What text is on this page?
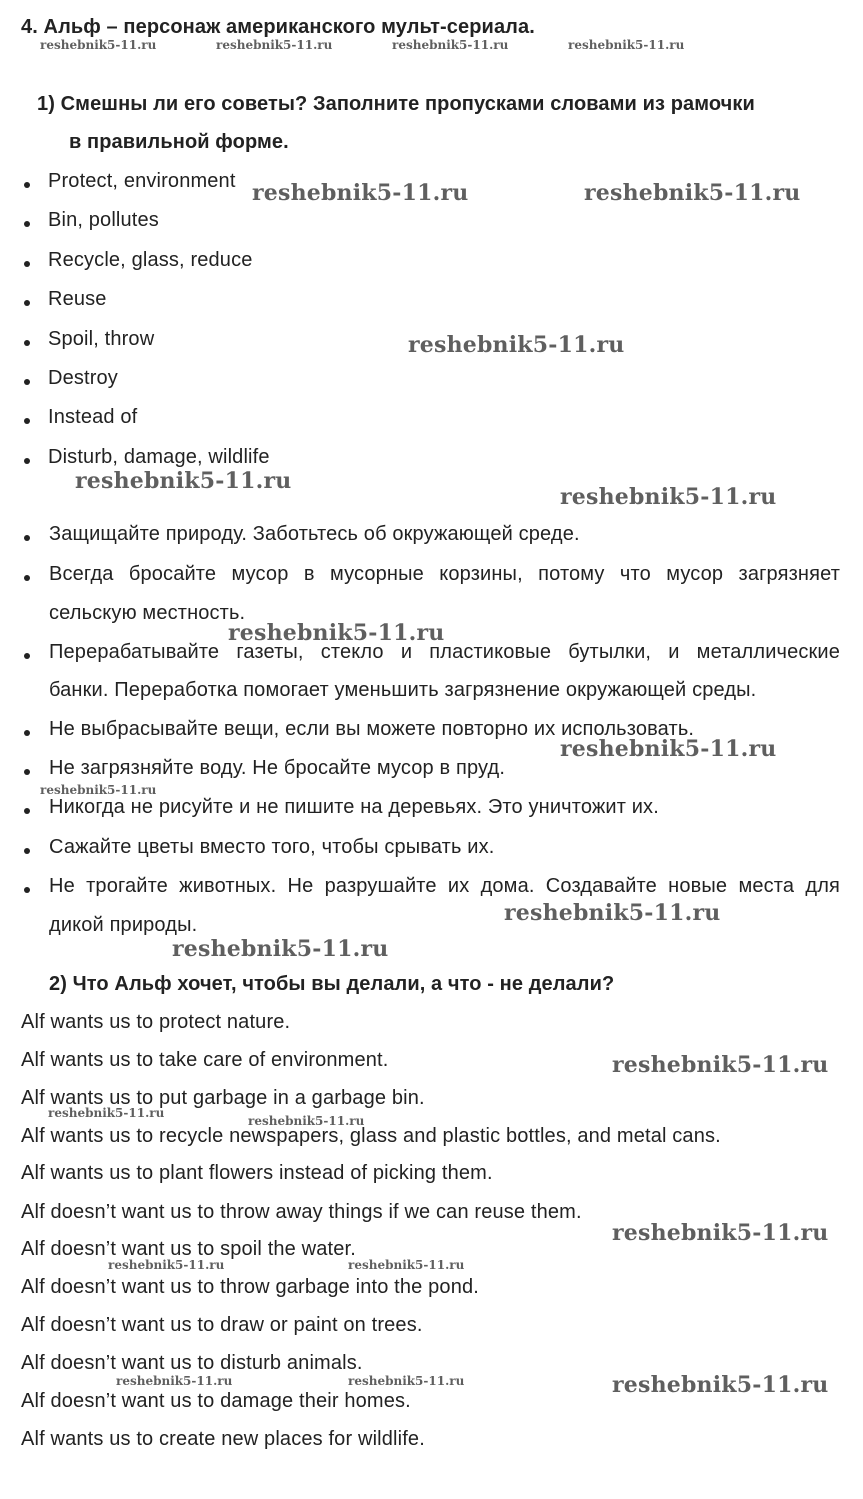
4. Альф – персонаж американского мульт-сериала.
1) Смешны ли его советы? Заполните пропусками словами из рамочки
в правильной форме.
Protect, environment
Bin, pollutes
Recycle, glass, reduce
Reuse
Spoil, throw
Destroy
Instead of
Disturb, damage, wildlife
Защищайте природу. Заботьтесь об окружающей среде.
Всегда бросайте мусор в мусорные корзины, потому что мусор загрязняет
сельскую местность.
Перерабатывайте газеты, стекло и пластиковые бутылки, и металлические
банки. Переработка помогает уменьшить загрязнение окружающей среды.
Не выбрасывайте вещи, если вы можете повторно их использовать.
Не загрязняйте воду. Не бросайте мусор в пруд.
Никогда не рисуйте и не пишите на деревьях. Это уничтожит их.
Сажайте цветы вместо того, чтобы срывать их.
Не трогайте животных. Не разрушайте их дома. Создавайте новые места для
дикой природы.
2) Что Альф хочет, чтобы вы делали, а что - не делали?
Alf wants us to protect nature.
Alf wants us to take care of environment.
Alf wants us to put garbage in a garbage bin.
Alf wants us to recycle newspapers, glass and plastic bottles, and metal cans.
Alf wants us to plant flowers instead of picking them.
Alf doesn’t want us to throw away things if we can reuse them.
Alf doesn’t want us to spoil the water.
Alf doesn’t want us to throw garbage into the pond.
Alf doesn’t want us to draw or paint on trees.
Alf doesn’t want us to disturb animals.
Alf doesn’t want us to damage their homes.
Alf wants us to create new places for wildlife.
reshebnik5-11.ru	reshebnik5-11.ru	reshebnik5-11.ru	reshebnik5-11.ru
reshebnik5-11.ru	reshebnik5-11.ru
reshebnik5-11.ru
reshebnik5-11.ru
reshebnik5-11.ru
reshebnik5-11.ru
reshebnik5-11.ru
reshebnik5-11.ru
reshebnik5-11.ru
reshebnik5-11.ru
reshebnik5-11.ru
reshebnik5-11.ru
reshebnik5-11.ru
reshebnik5-11.ru
reshebnik5-11.ru	reshebnik5-11.ru
reshebnik5-11.ru	reshebnik5-11.ru	reshebnik5-11.ru
